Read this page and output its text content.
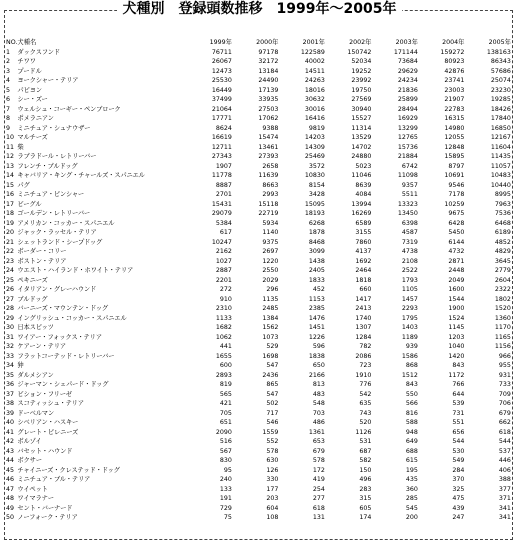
犬種別　登録頭数推移　1999年～2005年
NO.	犬種名	1999年	2000年	2001年	2002年	2003年	2004年	2005年
1	ダックスフンド	76711	97178	122589	150742	171144	159272	138163
2	チワワ	26067	32172	40002	52034	73684	80923	86343
3	プードル	12473	13184	14511	19252	29629	42876	57686
4	ヨークシャー・テリア	25530	24490	24263	23992	24234	23741	25074
5	パピヨン	16449	17139	18016	19750	21836	23003	23230
6	シー・ズー	37499	33935	30632	27569	25899	21907	19285
7	ウェルシュ・コーギー・ペンブローク	21064	27503	30016	30940	28494	22783	18426
8	ポメラニアン	17771	17062	16416	15527	16929	16315	17840
9	ミニチュア・シュナウザー	8624	9388	9819	11314	13299	14980	16850
10	マルチーズ	16619	15474	14203	13529	12765	12055	12167
11	柴	12711	13461	14309	14702	15736	12848	11604
12	ラブラドール・レトリーバー	27343	27393	25469	24880	21884	15895	11435
13	フレンチ・ブルドッグ	1907	2658	3572	5023	6742	8797	11057
14	キャバリア・キング・チャールズ・スパニエル	11778	11639	10830	11046	11098	10691	10483
15	パグ	8887	8663	8154	8639	9357	9546	10440
16	ミニチュア・ピンシャー	2701	2993	3428	4084	5511	7178	8995
17	ビーグル	15431	15118	15095	13994	13323	10259	7963
18	ゴールデン・レトリーバー	29079	22719	18193	16269	13450	9675	7536
19	アメリカン・コッカー・スパニエル	5384	5934	6268	6589	6398	6428	6468
20	ジャック・ラッセル・テリア	617	1140	1878	3155	4587	5450	6189
21	シェットランド・シープドッグ	10247	9375	8468	7860	7319	6144	4852
22	ボーダー・コリー	2162	2697	3099	4137	4738	4732	4829
23	ボストン・テリア	1027	1220	1438	1692	2108	2871	3645
24	ウエスト・ハイランド・ホワイト・テリア	2887	2550	2405	2464	2522	2448	2779
25	ペキニーズ	2201	2029	1833	1818	1793	2049	2604
26	イタリアン・グレーハウンド	272	296	452	660	1105	1600	2322
27	ブルドッグ	910	1135	1153	1417	1457	1544	1802
28	バーニーズ・マウンテン・ドッグ	2310	2485	2385	2413	2293	1900	1520
29	イングリッシュ・コッカー・スパニエル	1133	1384	1476	1740	1795	1524	1360
30	日本スピッツ	1682	1562	1451	1307	1403	1145	1170
31	ワイアー・フォックス・テリア	1062	1073	1226	1284	1189	1203	1165
32	ケアーン・テリア	441	529	596	782	939	1040	1156
33	フラットコーテッド・レトリーバー	1655	1698	1838	2086	1586	1420	966
34	狆	600	547	650	723	868	843	955
35	ダルメシアン	2893	2436	2166	1910	1512	1172	931
36	ジャーマン・シェパード・ドッグ	819	865	813	776	843	766	733
37	ビション・フリーゼ	565	547	483	542	550	644	709
38	スコティッシュ・テリア	421	502	548	635	566	539	706
39	ドーベルマン	705	717	703	743	816	731	679
40	シベリアン・ハスキー	651	546	486	520	588	551	662
41	グレート・ピレニーズ	2090	1559	1361	1126	948	656	618
42	ボルゾイ	516	552	653	531	649	544	544
43	バセット・ハウンド	567	578	679	687	688	530	537
44	ボクサー	830	630	578	582	615	549	446
45	チャイニーズ・クレステッド・ドッグ	95	126	172	150	195	284	406
46	ミニチュア・ブル・テリア	240	330	419	496	435	370	388
47	ウイペット	133	177	254	283	360	325	377
48	ワイマラナー	191	203	277	315	285	475	371
49	セント・バーナード	729	604	618	605	545	439	341
50	ノーフォーク・テリア	75	108	131	174	200	247	341
